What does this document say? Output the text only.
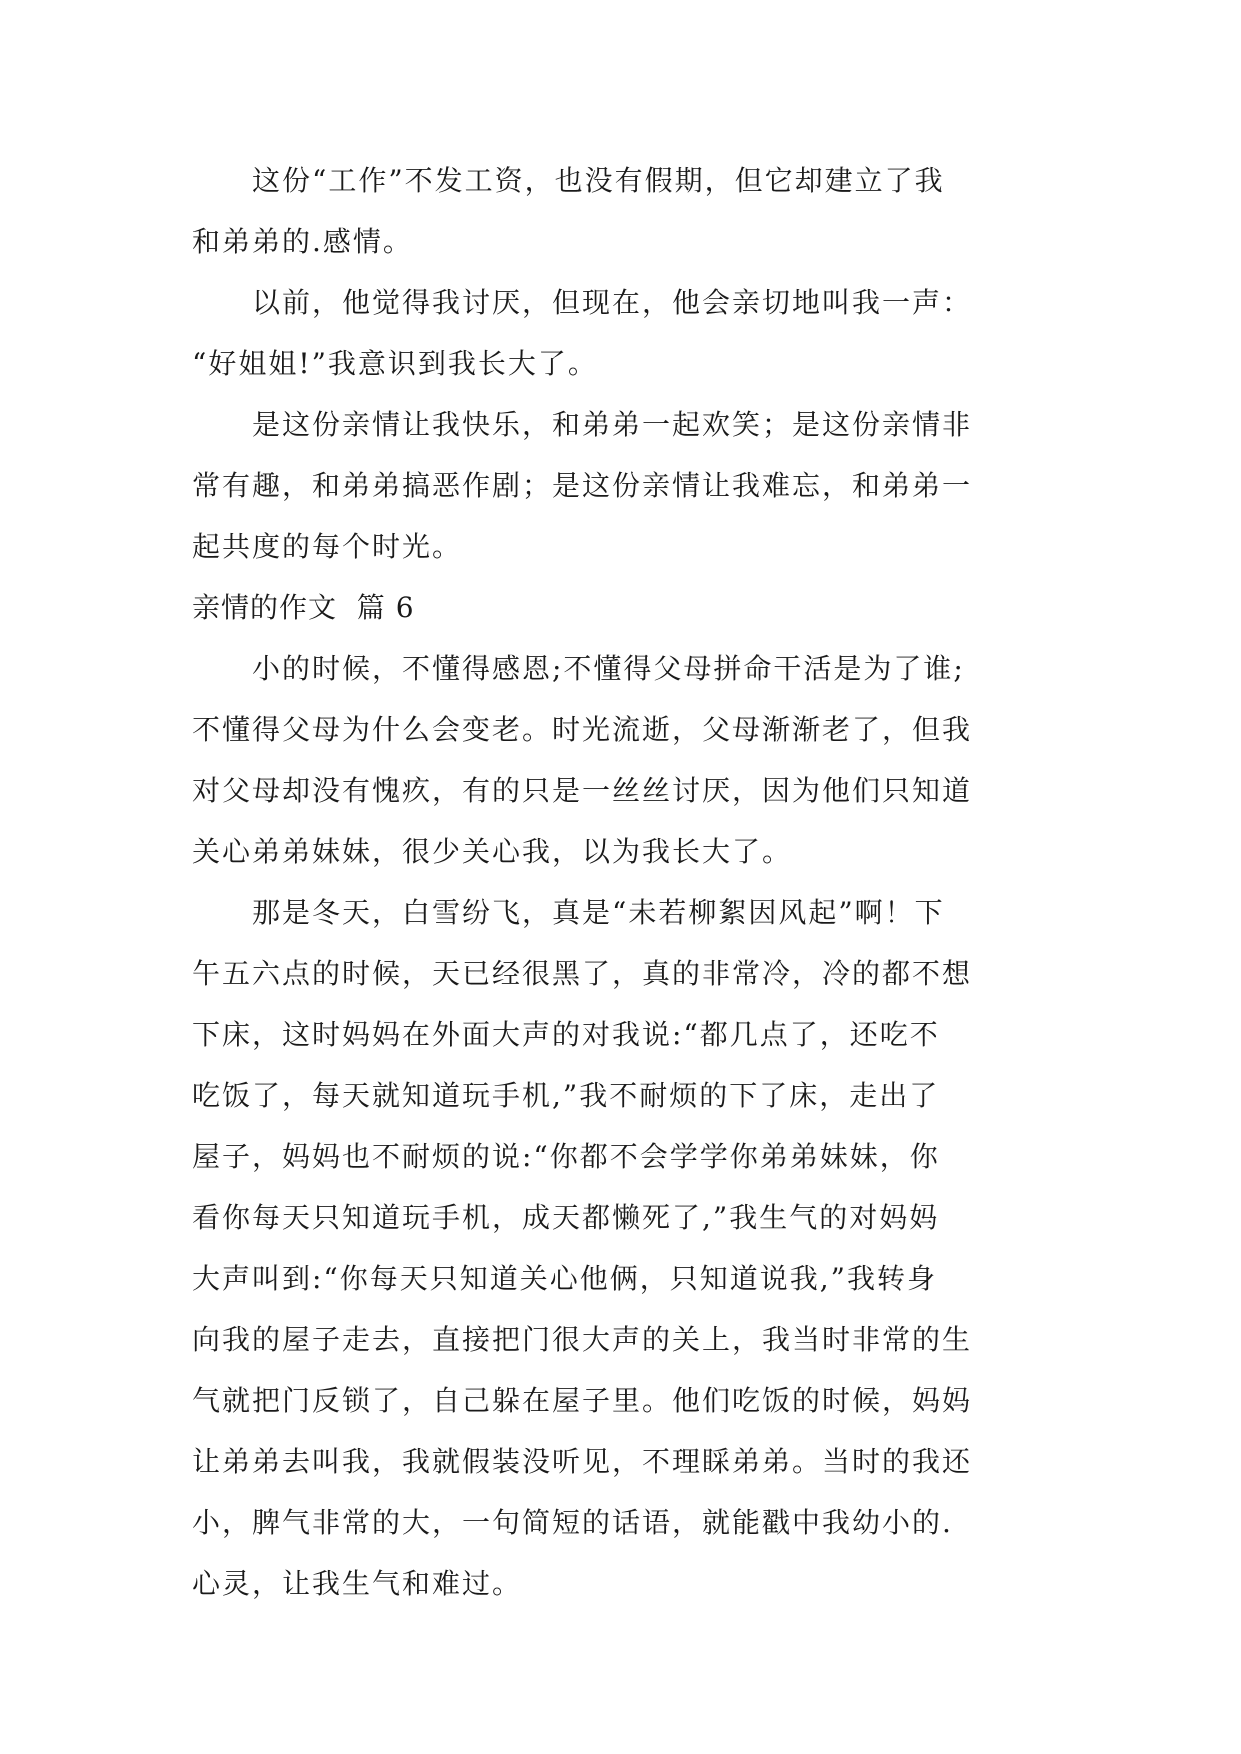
这份“工作”不发工资，也没有假期，但它却建立了我
和弟弟的.感情。
以前，他觉得我讨厌，但现在，他会亲切地叫我一声：
“好姐姐!”我意识到我长大了。
是这份亲情让我快乐，和弟弟一起欢笑；是这份亲情非
常有趣，和弟弟搞恶作剧；是这份亲情让我难忘，和弟弟一
起共度的每个时光。
亲情的作文  篇 6
小的时候，不懂得感恩;不懂得父母拼命干活是为了谁;
不懂得父母为什么会变老。时光流逝，父母渐渐老了，但我
对父母却没有愧疚，有的只是一丝丝讨厌，因为他们只知道
关心弟弟妹妹，很少关心我，以为我长大了。
那是冬天，白雪纷飞，真是“未若柳絮因风起”啊！下
午五六点的时候，天已经很黑了，真的非常冷，冷的都不想
下床，这时妈妈在外面大声的对我说:“都几点了，还吃不
吃饭了，每天就知道玩手机,”我不耐烦的下了床，走出了
屋子，妈妈也不耐烦的说:“你都不会学学你弟弟妹妹，你
看你每天只知道玩手机，成天都懒死了,”我生气的对妈妈
大声叫到:“你每天只知道关心他俩，只知道说我,”我转身
向我的屋子走去，直接把门很大声的关上，我当时非常的生
气就把门反锁了，自己躲在屋子里。他们吃饭的时候，妈妈
让弟弟去叫我，我就假装没听见，不理睬弟弟。当时的我还
小，脾气非常的大，一句简短的话语，就能戳中我幼小的.
心灵，让我生气和难过。
